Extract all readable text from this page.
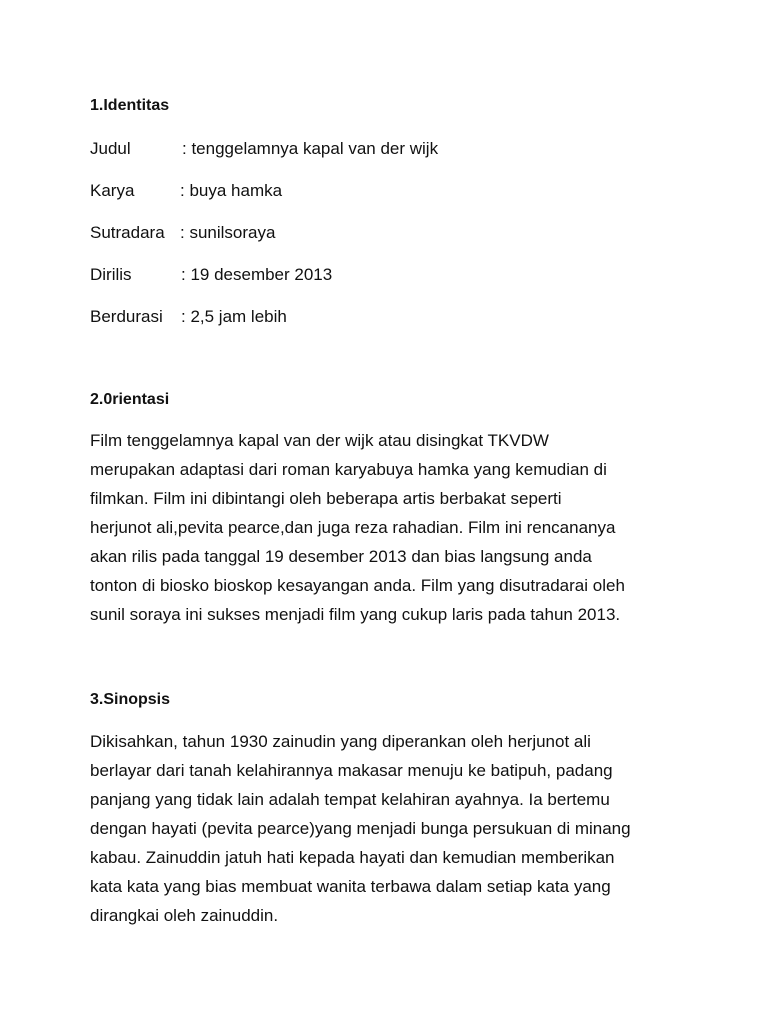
1.Identitas
Judul	: tenggelamnya kapal van der wijk
Karya	: buya hamka
Sutradara : sunilsoraya
Dirilis	: 19 desember 2013
Berdurasi : 2,5 jam lebih
2.0rientasi
Film tenggelamnya kapal van der wijk atau disingkat TKVDW
merupakan adaptasi dari roman karyabuya hamka yang kemudian di
filmkan. Film ini dibintangi oleh beberapa artis berbakat seperti
herjunot ali,pevita pearce,dan juga reza rahadian. Film ini rencananya
akan rilis pada tanggal 19 desember 2013 dan bias langsung anda
tonton di biosko bioskop kesayangan anda. Film yang disutradarai oleh
sunil soraya ini sukses menjadi film yang cukup laris pada tahun 2013.
3.Sinopsis
Dikisahkan, tahun 1930 zainudin yang diperankan oleh herjunot ali
berlayar dari tanah kelahirannya makasar menuju ke batipuh, padang
panjang yang tidak lain adalah tempat kelahiran ayahnya. Ia bertemu
dengan hayati (pevita pearce)yang menjadi bunga persukuan di minang
kabau. Zainuddin jatuh hati kepada hayati dan kemudian memberikan
kata kata yang bias membuat wanita terbawa dalam setiap kata yang
dirangkai oleh zainuddin.
